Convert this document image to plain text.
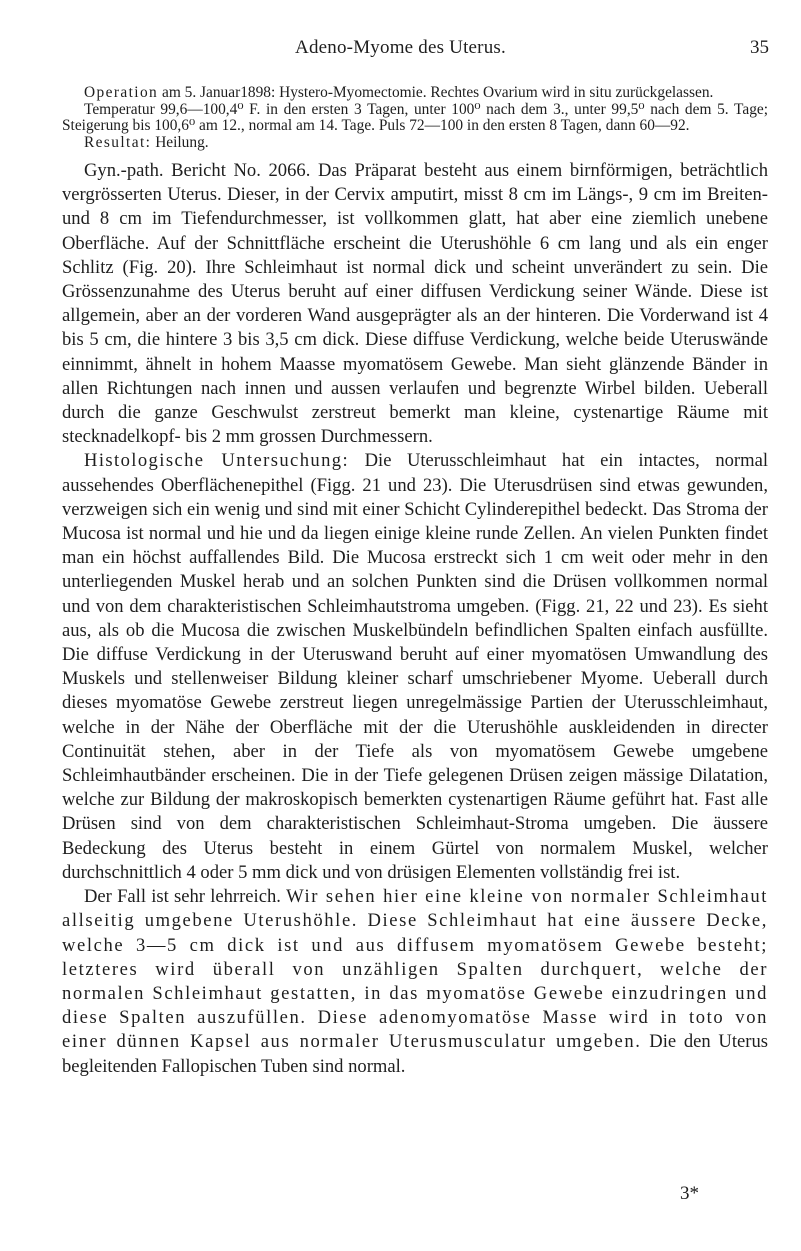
Adeno-Myome des Uterus.	35

Operation am 5. Januar1898: Hystero-Myomectomie. Rechtes Ovarium wird in situ zurückgelassen.

Temperatur 99,6—100,4⁰ F. in den ersten 3 Tagen, unter 100⁰ nach dem 3., unter 99,5⁰ nach dem 5. Tage; Steigerung bis 100,6⁰ am 12., normal am 14. Tage. Puls 72—100 in den ersten 8 Tagen, dann 60—92.

Resultat: Heilung.

Gyn.-path. Bericht No. 2066. Das Präparat besteht aus einem birnförmigen, beträchtlich vergrösserten Uterus. Dieser, in der Cervix amputirt, misst 8 cm im Längs-, 9 cm im Breiten- und 8 cm im Tiefendurchmesser, ist vollkommen glatt, hat aber eine ziemlich unebene Oberfläche. Auf der Schnittfläche erscheint die Uterushöhle 6 cm lang und als ein enger Schlitz (Fig. 20). Ihre Schleimhaut ist normal dick und scheint unverändert zu sein. Die Grössenzunahme des Uterus beruht auf einer diffusen Verdickung seiner Wände. Diese ist allgemein, aber an der vorderen Wand ausgeprägter als an der hinteren. Die Vorderwand ist 4 bis 5 cm, die hintere 3 bis 3,5 cm dick. Diese diffuse Verdickung, welche beide Uteruswände einnimmt, ähnelt in hohem Maasse myomatösem Gewebe. Man sieht glänzende Bänder in allen Richtungen nach innen und aussen verlaufen und begrenzte Wirbel bilden. Ueberall durch die ganze Geschwulst zerstreut bemerkt man kleine, cystenartige Räume mit stecknadelkopf- bis 2 mm grossen Durchmessern.

Histologische Untersuchung: Die Uterusschleimhaut hat ein intactes, normal aussehendes Oberflächenepithel (Figg. 21 und 23). Die Uterusdrüsen sind etwas gewunden, verzweigen sich ein wenig und sind mit einer Schicht Cylinderepithel bedeckt. Das Stroma der Mucosa ist normal und hie und da liegen einige kleine runde Zellen. An vielen Punkten findet man ein höchst auffallendes Bild. Die Mucosa erstreckt sich 1 cm weit oder mehr in den unterliegenden Muskel herab und an solchen Punkten sind die Drüsen vollkommen normal und von dem charakteristischen Schleimhautstroma umgeben. (Figg. 21, 22 und 23). Es sieht aus, als ob die Mucosa die zwischen Muskelbündeln befindlichen Spalten einfach ausfüllte. Die diffuse Verdickung in der Uteruswand beruht auf einer myomatösen Umwandlung des Muskels und stellenweiser Bildung kleiner scharf umschriebener Myome. Ueberall durch dieses myomatöse Gewebe zerstreut liegen unregelmässige Partien der Uterusschleimhaut, welche in der Nähe der Oberfläche mit der die Uterushöhle auskleidenden in directer Continuität stehen, aber in der Tiefe als von myomatösem Gewebe umgebene Schleimhautbänder erscheinen. Die in der Tiefe gelegenen Drüsen zeigen mässige Dilatation, welche zur Bildung der makroskopisch bemerkten cystenartigen Räume geführt hat. Fast alle Drüsen sind von dem charakteristischen Schleimhaut-Stroma umgeben. Die äussere Bedeckung des Uterus besteht in einem Gürtel von normalem Muskel, welcher durchschnittlich 4 oder 5 mm dick und von drüsigen Elementen vollständig frei ist.

Der Fall ist sehr lehrreich. Wir sehen hier eine kleine von normaler Schleimhaut allseitig umgebene Uterushöhle. Diese Schleimhaut hat eine äussere Decke, welche 3—5 cm dick ist und aus diffusem myomatösem Gewebe besteht; letzteres wird überall von unzähligen Spalten durchquert, welche der normalen Schleimhaut gestatten, in das myomatöse Gewebe einzudringen und diese Spalten auszufüllen. Diese adenomyomatöse Masse wird in toto von einer dünnen Kapsel aus normaler Uterusmusculatur umgeben. Die den Uterus begleitenden Fallopischen Tuben sind normal.

3*
